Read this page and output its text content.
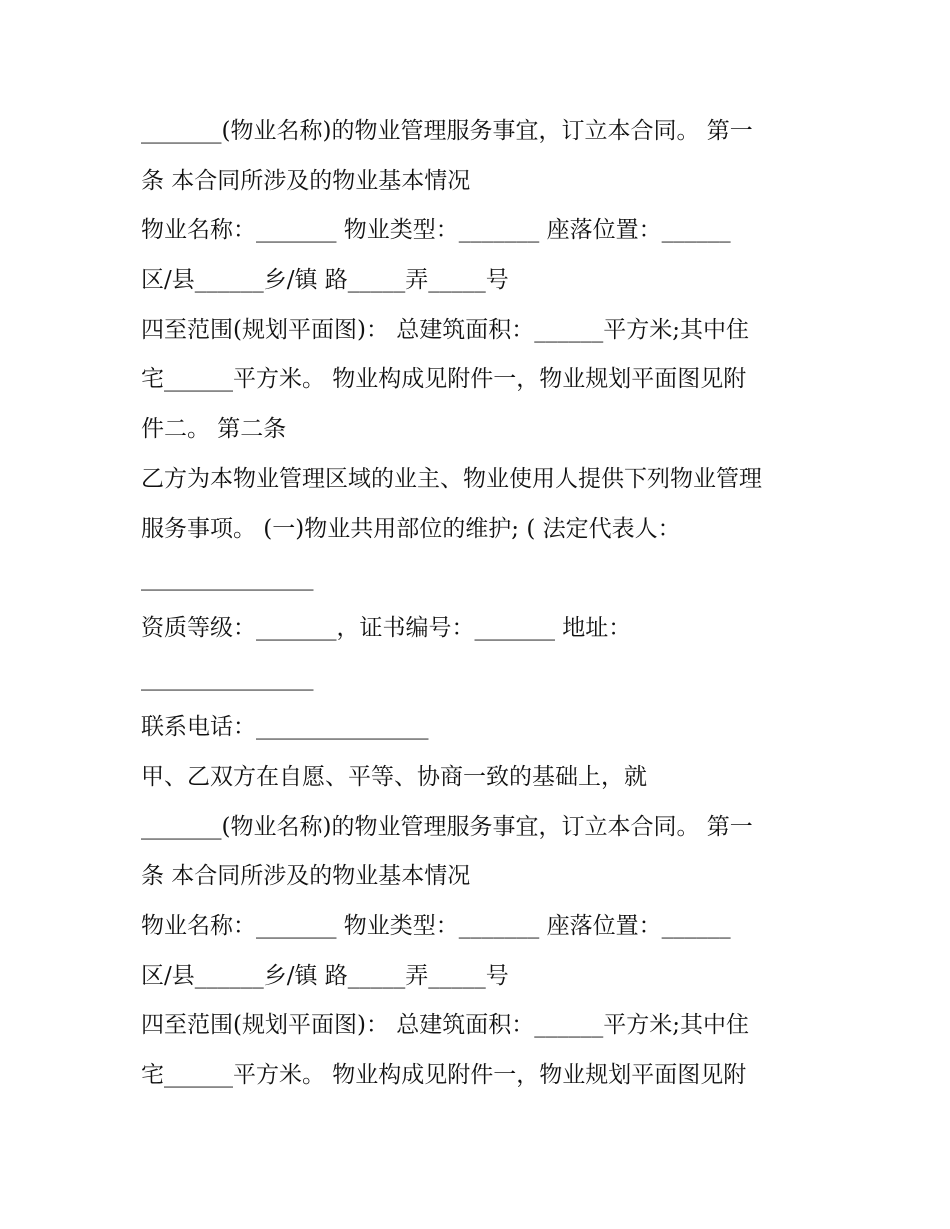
_______(物业名称)的物业管理服务事宜，订立本合同。 第一
条 本合同所涉及的物业基本情况
物业名称：_______ 物业类型：_______ 座落位置：______
区/县______乡/镇 路_____弄_____号
四至范围(规划平面图)： 总建筑面积：______平方米;其中住
宅______平方米。 物业构成见附件一，物业规划平面图见附
件二。 第二条
乙方为本物业管理区域的业主、物业使用人提供下列物业管理
服务事项。 (一)物业共用部位的维护; ( 法定代表人：
_______________
资质等级：_______，证书编号：_______ 地址：
_______________
联系电话：_______________
甲、乙双方在自愿、平等、协商一致的基础上，就
_______(物业名称)的物业管理服务事宜，订立本合同。 第一
条 本合同所涉及的物业基本情况
物业名称：_______ 物业类型：_______ 座落位置：______
区/县______乡/镇 路_____弄_____号
四至范围(规划平面图)： 总建筑面积：______平方米;其中住
宅______平方米。 物业构成见附件一，物业规划平面图见附
